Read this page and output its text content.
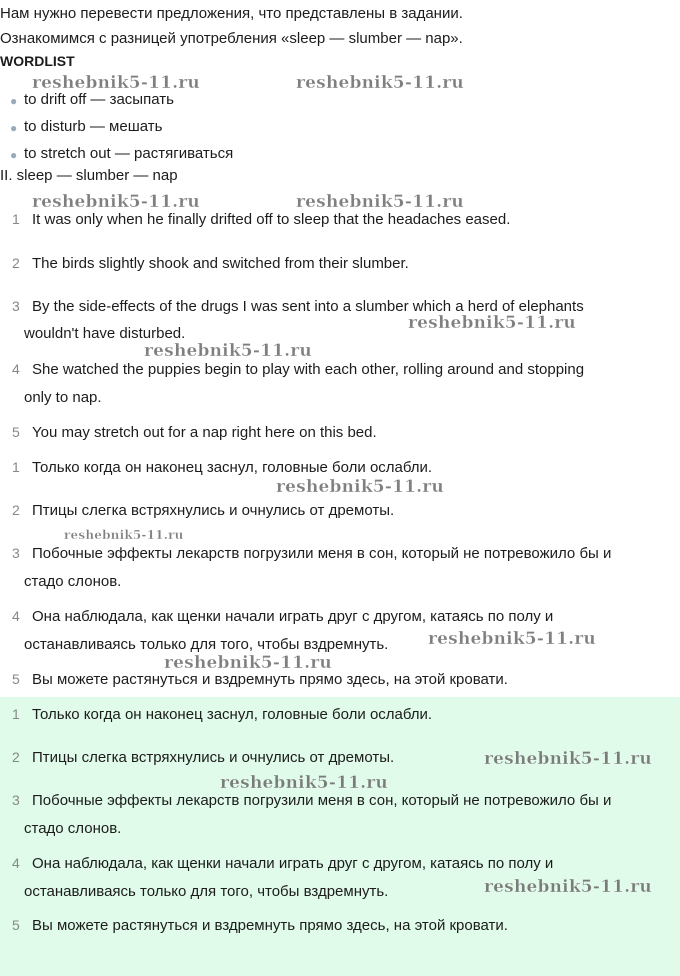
Нам нужно перевести предложения, что представлены в задании.
Ознакомимся с разницей употребления «sleep — slumber — nap».
WORDLIST
● to drift off — засыпать
● to disturb — мешать
● to stretch out — растягиваться
II. sleep — slumber — nap
1 It was only when he finally drifted off to sleep that the headaches eased.
2 The birds slightly shook and switched from their slumber.
3 By the side-effects of the drugs I was sent into a slumber which a herd of elephants
wouldn't have disturbed.
4 She watched the puppies begin to play with each other, rolling around and stopping
only to nap.
5 You may stretch out for a nap right here on this bed.
1 Только когда он наконец заснул, головные боли ослабли.
2 Птицы слегка встряхнулись и очнулись от дремоты.
3 Побочные эффекты лекарств погрузили меня в сон, который не потревожило бы и
стадо слонов.
4 Она наблюдала, как щенки начали играть друг с другом, катаясь по полу и
останавливаясь только для того, чтобы вздремнуть.
5 Вы можете растянуться и вздремнуть прямо здесь, на этой кровати.
1 Только когда он наконец заснул, головные боли ослабли.
2 Птицы слегка встряхнулись и очнулись от дремоты.
3 Побочные эффекты лекарств погрузили меня в сон, который не потревожило бы и
стадо слонов.
4 Она наблюдала, как щенки начали играть друг с другом, катаясь по полу и
останавливаясь только для того, чтобы вздремнуть.
5 Вы можете растянуться и вздремнуть прямо здесь, на этой кровати.
reshebnik5-11.ru	reshebnik5-11.ru
reshebnik5-11.ru	reshebnik5-11.ru
reshebnik5-11.ru
reshebnik5-11.ru
reshebnik5-11.ru
reshebnik5-11.ru
reshebnik5-11.ru
reshebnik5-11.ru
reshebnik5-11.ru
reshebnik5-11.ru
reshebnik5-11.ru
